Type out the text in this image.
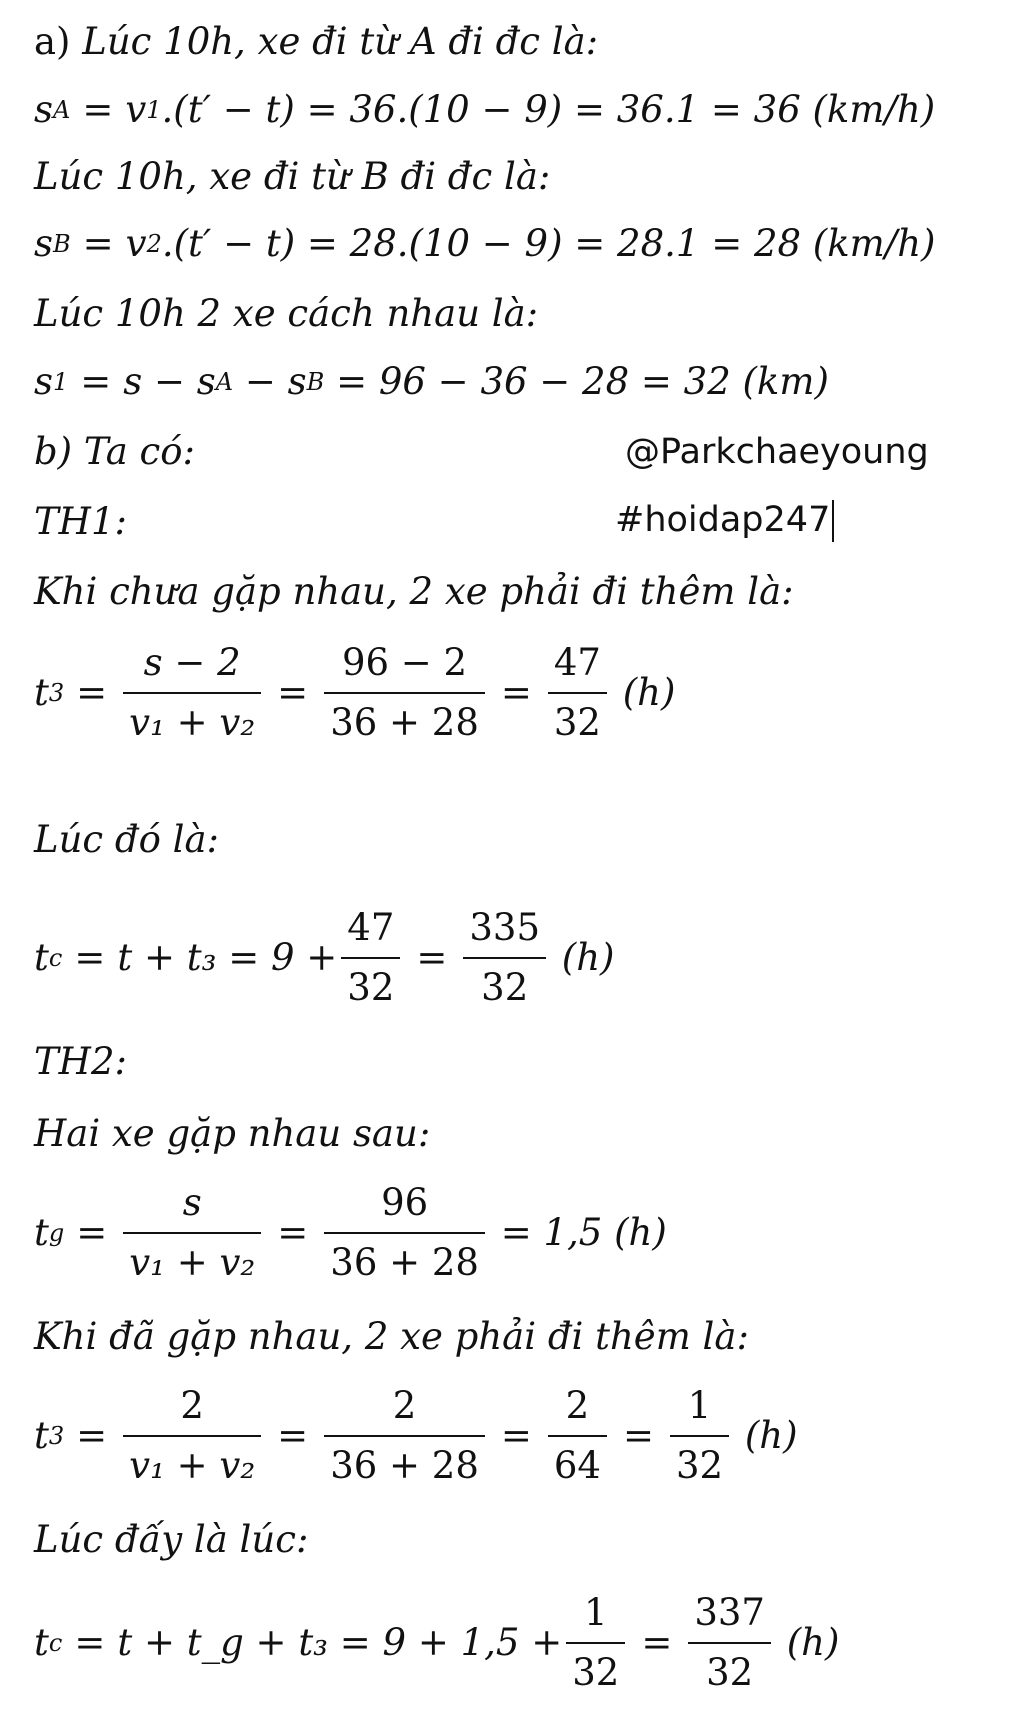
a)
Lúc 10h, xe đi từ A đi đc là:
s A = v 1 .(t′ − t) = 36.(10 − 9) = 36.1 = 36 (km/h)
Lúc 10h, xe đi từ B đi đc là:
s B = v 2 .(t′ − t) = 28.(10 − 9) = 28.1 = 28 (km/h)
Lúc 10h 2 xe cách nhau là:
s 1 = s − s A
− s B
= 96 − 36 − 28 = 32 (km)
b) Ta có:	@Parkchaeyoung
TH1:	#hoidap247
Khi chưa gặp nhau, 2 xe phải đi thêm là:
t $3 = \frac{s - 2}{\text{v₁ + v₂}} = \frac{96 - 2}{36 + 28} = \frac{47}{32}$
(h)
Lúc đó là:
t $c = t + t_3 = 9 + \frac{47}{32} = \frac{335}{32}$
(h)
TH2:
Hai xe gặp nhau sau:
t $g = \frac{s}{\text{v₁ + v₂}} = \frac{96}{36 + 28}$
= 1,5 (h)
Khi đã gặp nhau, 2 xe phải đi thêm là:
t $3 = \frac{2}{\text{v₁ + v₂}} = \frac{2}{36 + 28} = \frac{2}{64} = \frac{1}{32}$
(h)
Lúc đấy là lúc:
t c = t + t_g + $t_3 = 9 + 1,5 + \frac{1}{32} = \frac{337}{32}$
(h)
